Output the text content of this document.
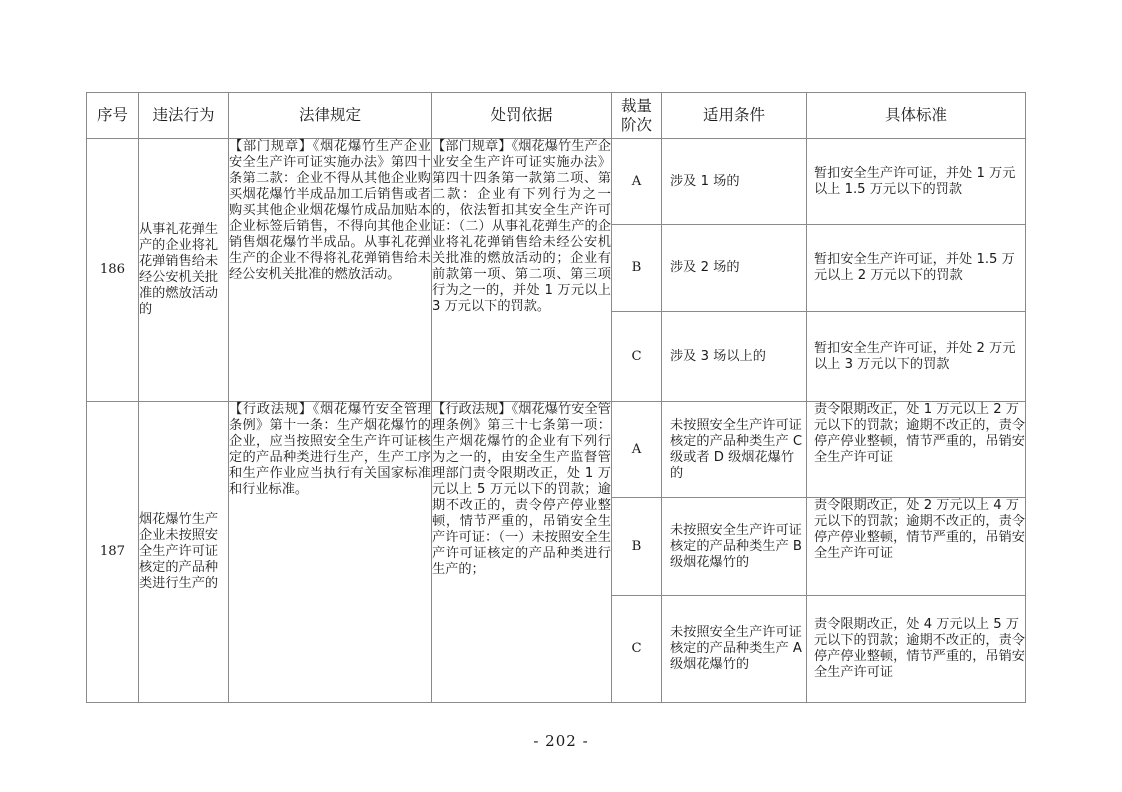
序号	违法行为	法律规定	处罚依据	裁量阶次	适用条件	具体标准
186	从事礼花弹生产的企业将礼花弹销售给未经公安机关批准的燃放活动的	【部门规章】《烟花爆竹生产企业安全生产许可证实施办法》第四十条第二款：企业不得从其他企业购买烟花爆竹半成品加工后销售或者购买其他企业烟花爆竹成品加贴本企业标签后销售，不得向其他企业销售烟花爆竹半成品。从事礼花弹生产的企业不得将礼花弹销售给未经公安机关批准的燃放活动。	【部门规章】《烟花爆竹生产企业安全生产许可证实施办法》第四十四条第一款第二项、第二款：企业有下列行为之一的，依法暂扣其安全生产许可证：（二）从事礼花弹生产的企业将礼花弹销售给未经公安机关批准的燃放活动的；企业有前款第一项、第二项、第三项行为之一的，并处 1 万元以上 3 万元以下的罚款。	A	涉及 1 场的	暂扣安全生产许可证，并处 1 万元以上 1.5 万元以下的罚款
				B	涉及 2 场的	暂扣安全生产许可证，并处 1.5 万元以上 2 万元以下的罚款
				C	涉及 3 场以上的	暂扣安全生产许可证，并处 2 万元以上 3 万元以下的罚款
187	烟花爆竹生产企业未按照安全生产许可证核定的产品种类进行生产的	【行政法规】《烟花爆竹安全管理条例》第十一条：生产烟花爆竹的企业，应当按照安全生产许可证核定的产品种类进行生产，生产工序和生产作业应当执行有关国家标准和行业标准。	【行政法规】《烟花爆竹安全管理条例》第三十七条第一项：生产烟花爆竹的企业有下列行为之一的，由安全生产监督管理部门责令限期改正，处 1 万元以上 5 万元以下的罚款；逾期不改正的，责令停产停业整顿，情节严重的，吊销安全生产许可证：（一）未按照安全生产许可证核定的产品种类进行生产的；	A	未按照安全生产许可证核定的产品种类生产 C 级或者 D 级烟花爆竹的	责令限期改正，处 1 万元以上 2 万元以下的罚款；逾期不改正的，责令停产停业整顿，情节严重的，吊销安全生产许可证
				B	未按照安全生产许可证核定的产品种类生产 B 级烟花爆竹的	责令限期改正，处 2 万元以上 4 万元以下的罚款；逾期不改正的，责令停产停业整顿，情节严重的，吊销安全生产许可证
				C	未按照安全生产许可证核定的产品种类生产 A 级烟花爆竹的	责令限期改正，处 4 万元以上 5 万元以下的罚款；逾期不改正的，责令停产停业整顿，情节严重的，吊销安全生产许可证
- 202 -
